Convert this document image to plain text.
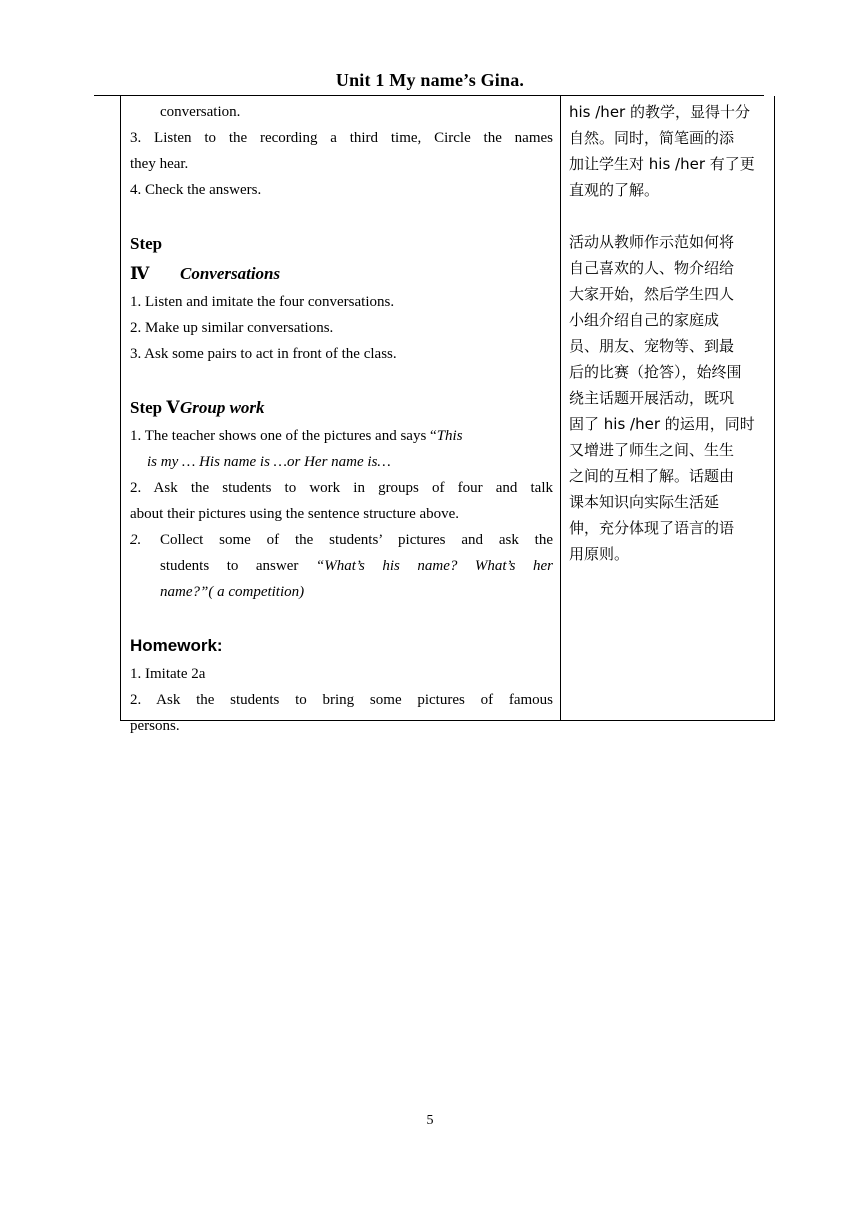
Unit 1 My name’s Gina.
conversation.
3. Listen to the recording a third time, Circle the names
they hear.
4. Check the answers.
Step Ⅳ Conversations
1. Listen and imitate the four conversations.
2. Make up similar conversations.
3. Ask some pairs to act in front of the class.
Step ⅤGroup work
1. The teacher shows one of the pictures and says “This
is my … His name is …or Her name is…
2. Ask the students to work in groups of four and talk
about their pictures using the sentence structure above.
2. Collect some of the students’ pictures and ask the
students to answer “What’s his name? What’s her
name?”( a competition)
Homework:
1. Imitate 2a
2. Ask the students to bring some pictures of famous
persons.
his /her 的教学，显得十分
自然。同时，简笔画的添
加让学生对 his /her 有了更
直观的了解。
活动从教师作示范如何将
自己喜欢的人、物介绍给
大家开始，然后学生四人
小组介绍自己的家庭成
员、朋友、宠物等、到最
后的比赛（抢答），始终围
绕主话题开展活动，既巩
固了 his /her 的运用，同时
又增进了师生之间、生生
之间的互相了解。话题由
课本知识向实际生活延
伸，充分体现了语言的语
用原则。
5
